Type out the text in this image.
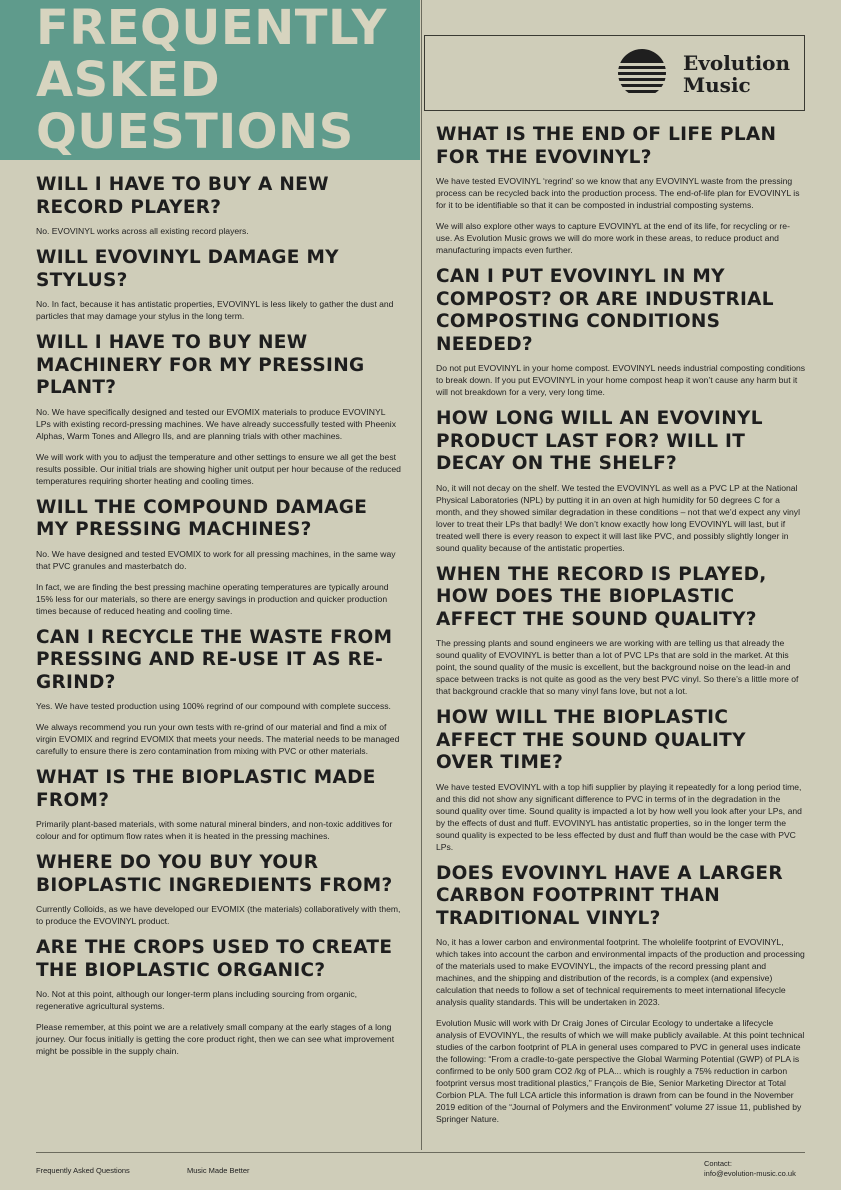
FREQUENTLY
ASKED
QUESTIONS
Evolution
Music
WILL I HAVE TO BUY A NEW RECORD PLAYER?

No. EVOVINYL works across all existing record players.

WILL EVOVINYL DAMAGE MY STYLUS?

No. In fact, because it has antistatic properties, EVOVINYL is less likely to gather the dust and particles that may damage your stylus in the long term.

WILL I HAVE TO BUY NEW MACHINERY FOR MY PRESSING PLANT?

No. We have specifically designed and tested our EVOMIX materials to produce EVOVINYL LPs with existing record-pressing machines. We have already successfully tested with Pheenix Alphas, Warm Tones and Allegro IIs, and are planning trials with other machines.

We will work with you to adjust the temperature and other settings to ensure we all get the best results possible. Our initial trials are showing higher unit output per hour because of the reduced temperatures requiring shorter heating and cooling times.

WILL THE COMPOUND DAMAGE MY PRESSING MACHINES?

No. We have designed and tested EVOMIX to work for all pressing machines, in the same way that PVC granules and masterbatch do.

In fact, we are finding the best pressing machine operating temperatures are typically around 15% less for our materials, so there are energy savings in production and quicker production times because of reduced heating and cooling time.

CAN I RECYCLE THE WASTE FROM PRESSING AND RE-USE IT AS RE-GRIND?

Yes. We have tested production using 100% regrind of our compound with complete success.

We always recommend you run your own tests with re-grind of our material and find a mix of virgin EVOMIX and regrind EVOMIX that meets your needs. The material needs to be managed carefully to ensure there is zero contamination from mixing with PVC or other materials.

WHAT IS THE BIOPLASTIC MADE FROM?

Primarily plant-based materials, with some natural mineral binders, and non-toxic additives for colour and for optimum flow rates when it is heated in the pressing machines.

WHERE DO YOU BUY YOUR BIOPLASTIC INGREDIENTS FROM?

Currently Colloids, as we have developed our EVOMIX (the materials) collaboratively with them, to produce the EVOVINYL product.

ARE THE CROPS USED TO CREATE THE BIOPLASTIC ORGANIC?

No. Not at this point, although our longer-term plans including sourcing from organic, regenerative agricultural systems.

Please remember, at this point we are a relatively small company at the early stages of a long journey. Our focus initially is getting the core product right, then we can see what improvement might be possible in the supply chain.

WHAT IS THE END OF LIFE PLAN FOR THE EVOVINYL?

We have tested EVOVINYL ‘regrind’ so we know that any EVOVINYL waste from the pressing process can be recycled back into the production process. The end-of-life plan for EVOVINYL is for it to be identifiable so that it can be composted in industrial composting systems.

We will also explore other ways to capture EVOVINYL at the end of its life, for recycling or re-use. As Evolution Music grows we will do more work in these areas, to reduce product and manufacturing impacts even further.

CAN I PUT EVOVINYL IN MY COMPOST? OR ARE INDUSTRIAL COMPOSTING CONDITIONS NEEDED?

Do not put EVOVINYL in your home compost. EVOVINYL needs industrial composting conditions to break down. If you put EVOVINYL in your home compost heap it won’t cause any harm but it will not breakdown for a very, very long time.

HOW LONG WILL AN EVOVINYL PRODUCT LAST FOR? WILL IT DECAY ON THE SHELF?

No, it will not decay on the shelf. We tested the EVOVINYL as well as a PVC LP at the National Physical Laboratories (NPL) by putting it in an oven at high humidity for 50 degrees C for a month, and they showed similar degradation in these conditions – not that we’d expect any vinyl lover to treat their LPs that badly! We don’t know exactly how long EVOVINYL will last, but if treated well there is every reason to expect it will last like PVC, and possibly slightly longer in sound quality because of the antistatic properties.

WHEN THE RECORD IS PLAYED, HOW DOES THE BIOPLASTIC AFFECT THE SOUND QUALITY?

The pressing plants and sound engineers we are working with are telling us that already the sound quality of EVOVINYL is better than a lot of PVC LPs that are sold in the market. At this point, the sound quality of the music is excellent, but the background noise on the lead-in and space between tracks is not quite as good as the very best PVC vinyl. So there’s a little more of that background crackle that so many vinyl fans love, but not a lot.

HOW WILL THE BIOPLASTIC AFFECT THE SOUND QUALITY OVER TIME?

We have tested EVOVINYL with a top hifi supplier by playing it repeatedly for a long period time, and this did not show any significant difference to PVC in terms of in the degradation in the sound quality over time. Sound quality is impacted a lot by how well you look after your LPs, and by the effects of dust and fluff. EVOVINYL has antistatic properties, so in the longer term the sound quality is expected to be less effected by dust and fluff than would be the case with PVC LPs.

DOES EVOVINYL HAVE A LARGER CARBON FOOTPRINT THAN TRADITIONAL VINYL?

No, it has a lower carbon and environmental footprint. The wholelife footprint of EVOVINYL, which takes into account the carbon and environmental impacts of the production and processing of the materials used to make EVOVINYL, the impacts of the record pressing plant and machines, and the shipping and distribution of the records, is a complex (and expensive) calculation that needs to follow a set of technical requirements to meet international lifecycle analysis quality standards. This will be undertaken in 2023.

Evolution Music will work with Dr Craig Jones of Circular Ecology to undertake a lifecycle analysis of EVOVINYL, the results of which we will make publicly available. At this point technical studies of the carbon footprint of PLA in general uses compared to PVC in general uses indicate the following: “From a cradle-to-gate perspective the Global Warming Potential (GWP) of PLA is confirmed to be only 500 gram CO2 /kg of PLA... which is roughly a 75% reduction in carbon footprint versus most traditional plastics,” François de Bie, Senior Marketing Director at Total Corbion PLA. The full LCA article this information is drawn from can be found in the November 2019 edition of the “Journal of Polymers and the Environment” volume 27 issue 11, published by Springer Nature.

Frequently Asked Questions	Music Made Better
Contact:
info@evolution-music.co.uk
